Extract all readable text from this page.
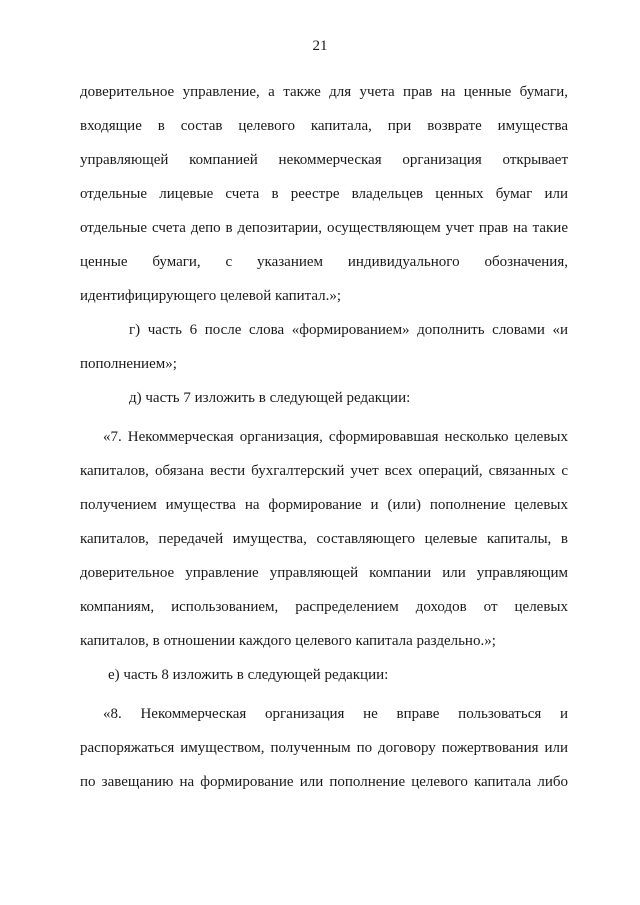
21
доверительное управление, а также для учета прав на ценные бумаги,
входящие в состав целевого капитала, при возврате имущества
управляющей компанией некоммерческая организация открывает
отдельные лицевые счета в реестре владельцев ценных бумаг или
отдельные счета депо в депозитарии, осуществляющем учет прав на такие
ценные бумаги, с указанием индивидуального обозначения,
идентифицирующего целевой капитал.»;
г) часть 6 после слова «формированием» дополнить словами «и
пополнением»;
д) часть 7 изложить в следующей редакции:
«7. Некоммерческая организация, сформировавшая несколько целевых
капиталов, обязана вести бухгалтерский учет всех операций, связанных с
получением имущества на формирование и (или) пополнение целевых
капиталов, передачей имущества, составляющего целевые капиталы, в
доверительное управление управляющей компании или управляющим
компаниям, использованием, распределением доходов от целевых
капиталов, в отношении каждого целевого капитала раздельно.»;
е) часть 8 изложить в следующей редакции:
«8. Некоммерческая организация не вправе пользоваться и
распоряжаться имуществом, полученным по договору пожертвования или
по завещанию на формирование или пополнение целевого капитала либо
